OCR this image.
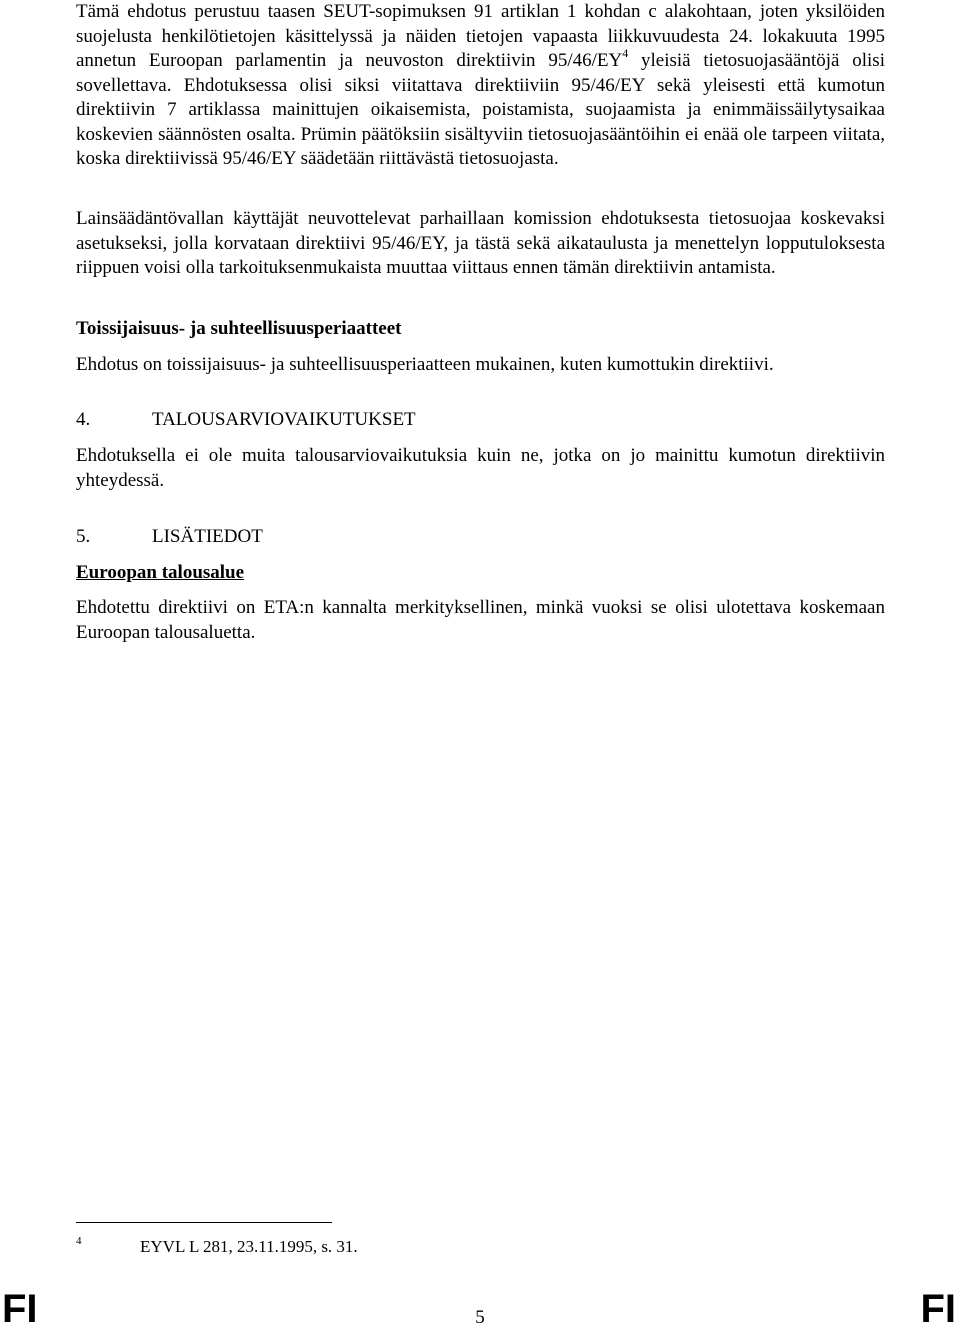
Tämä ehdotus perustuu taasen SEUT-sopimuksen 91 artiklan 1 kohdan c alakohtaan, joten yksilöiden suojelusta henkilötietojen käsittelyssä ja näiden tietojen vapaasta liikkuvuudesta 24. lokakuuta 1995 annetun Euroopan parlamentin ja neuvoston direktiivin $95/46/EY^4$ yleisiä tietosuojasääntöjä olisi sovellettava. Ehdotuksessa olisi siksi viitattava direktiiviin 95/46/EY sekä yleisesti että kumotun direktiivin 7 artiklassa mainittujen oikaisemista, poistamista, suojaamista ja enimmäissäilytysaikaa koskevien säännösten osalta. Prümin päätöksiin sisältyviin tietosuojasääntöihin ei enää ole tarpeen viitata, koska direktiivissä 95/46/EY säädetään riittävästä tietosuojasta.

Lainsäädäntövallan käyttäjät neuvottelevat parhaillaan komission ehdotuksesta tietosuojaa koskevaksi asetukseksi, jolla korvataan direktiivi 95/46/EY, ja tästä sekä aikataulusta ja menettelyn lopputuloksesta riippuen voisi olla tarkoituksenmukaista muuttaa viittaus ennen tämän direktiivin antamista.

Toissijaisuus- ja suhteellisuusperiaatteet

Ehdotus on toissijaisuus- ja suhteellisuusperiaatteen mukainen, kuten kumottukin direktiivi.

4.	TALOUSARVIOVAIKUTUKSET

Ehdotuksella ei ole muita talousarviovaikutuksia kuin ne, jotka on jo mainittu kumotun direktiivin yhteydessä.

5.	LISÄTIEDOT

Euroopan talousalue

Ehdotettu direktiivi on ETA:n kannalta merkityksellinen, minkä vuoksi se olisi ulotettava koskemaan Euroopan talousaluetta.

4	EYVL L 281, 23.11.1995, s. 31.
FI	5	FI
